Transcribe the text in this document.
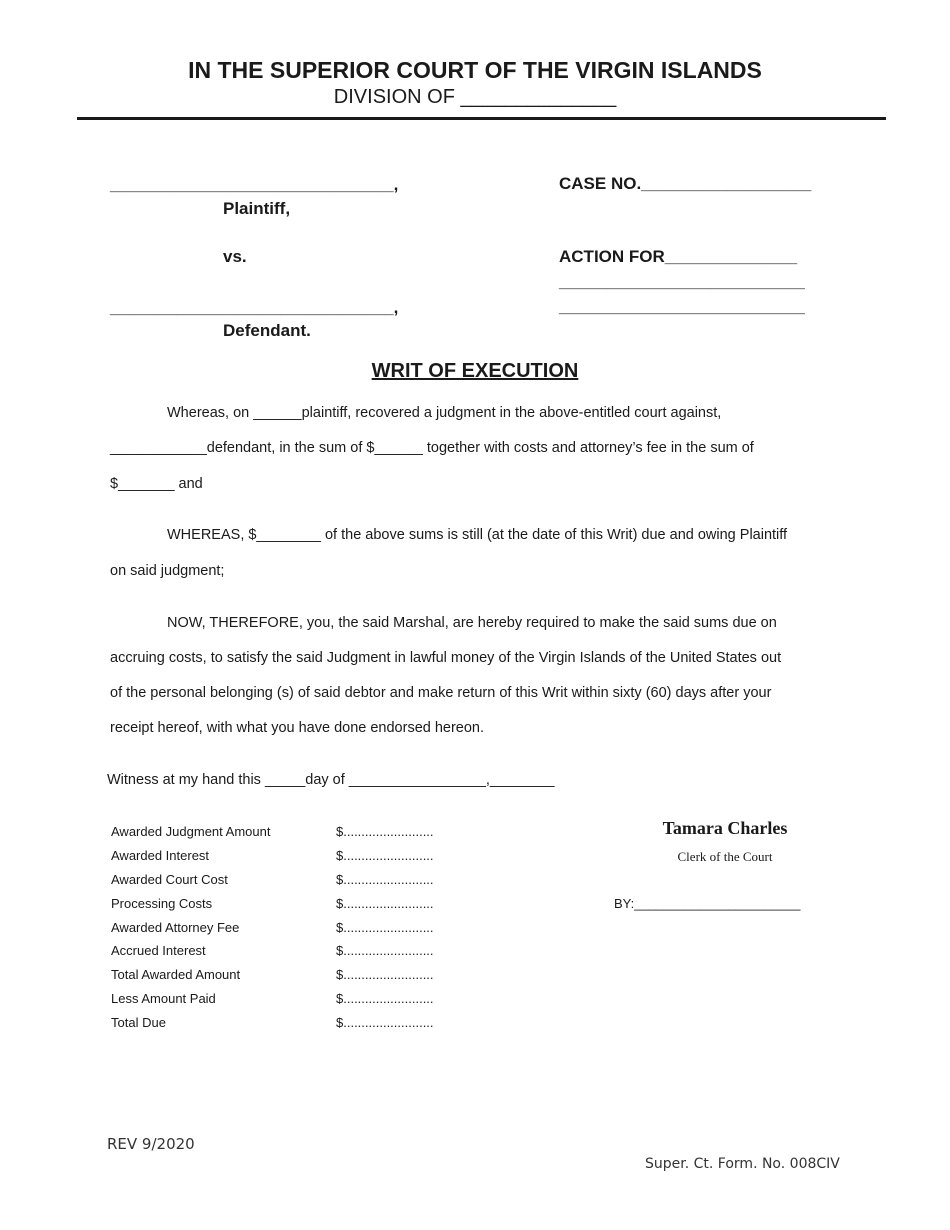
IN THE SUPERIOR COURT OF THE VIRGIN ISLANDS
DIVISION OF ______________
______________________________,
Plaintiff,
vs.
______________________________,
Defendant.
CASE NO.__________________
ACTION FOR______________
__________________________
__________________________
WRIT OF EXECUTION
Whereas, on ______plaintiff, recovered a judgment in the above-entitled court against,
____________defendant, in the sum of $______ together with costs and attorney’s fee in the sum of
$_______ and
WHEREAS, $________ of the above sums is still (at the date of this Writ) due and owing Plaintiff
on said judgment;
NOW, THEREFORE, you, the said Marshal, are hereby required to make the said sums due on
accruing costs, to satisfy the said Judgment in lawful money of the Virgin Islands of the United States out
of the personal belonging (s) of said debtor and make return of this Writ within sixty (60) days after your
receipt hereof, with what you have done endorsed hereon.
Witness at my hand this _____day of _________________,________
Awarded Judgment Amount	$.........................
Awarded Interest	$.........................
Awarded Court Cost	$.........................
Processing Costs	$.........................
Awarded Attorney Fee	$.........................
Accrued Interest	$.........................
Total Awarded Amount	$.........................
Less Amount Paid	$.........................
Total Due	$.........................
Tamara Charles
Clerk of the Court
BY:_______________________
REV 9/2020
Super. Ct. Form. No. 008CIV
